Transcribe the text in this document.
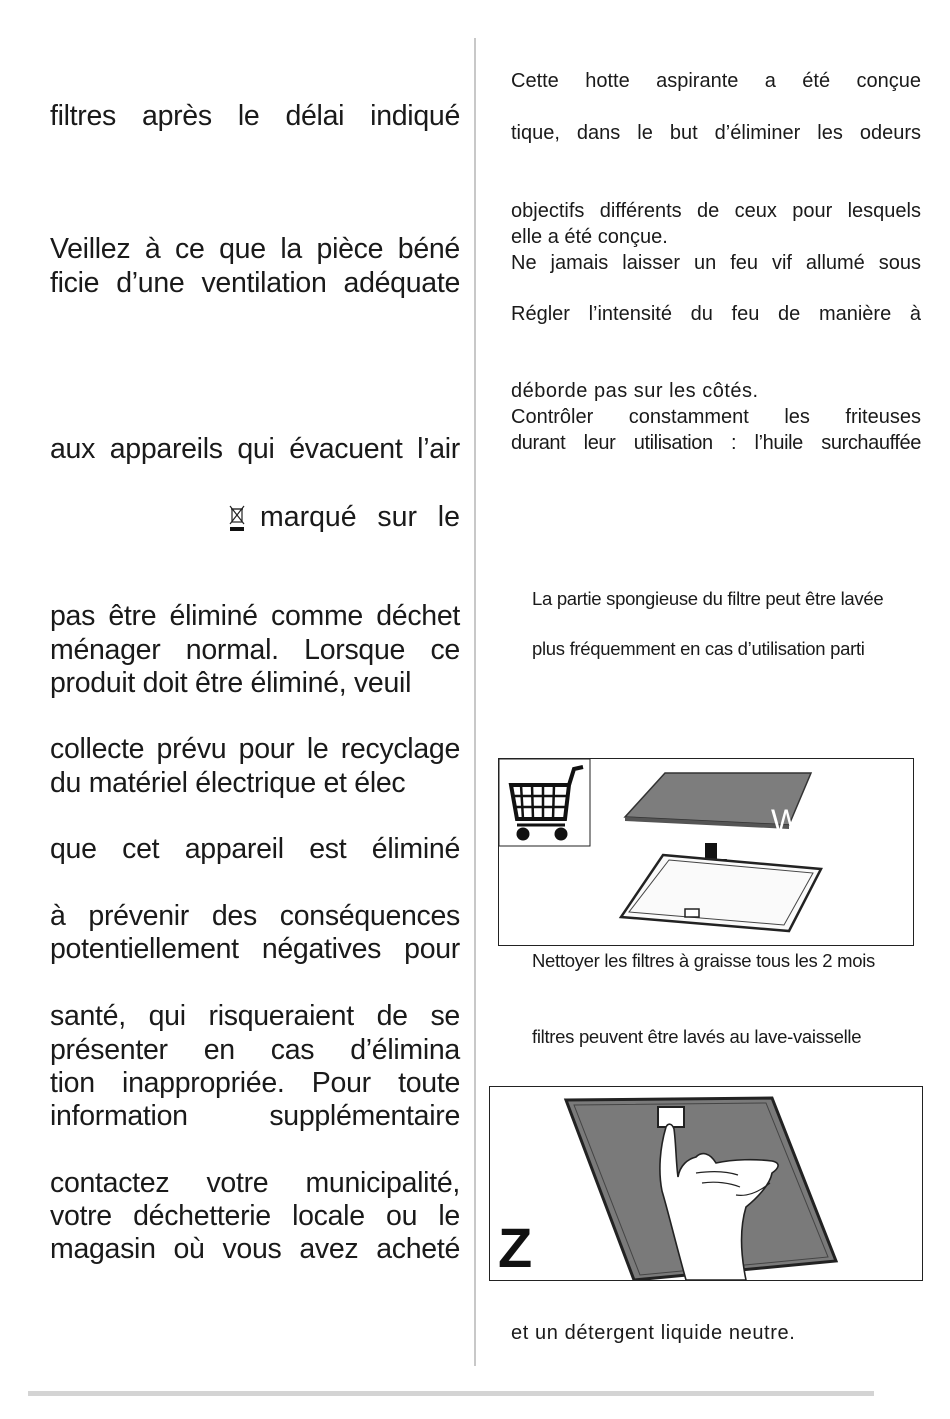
filtres après le délai indiqué
Veillez à ce que la pièce béné
ficie d’une ventilation adéquate
aux appareils qui évacuent l’air
marqué sur le
pas être éliminé comme déchet
ménager normal. Lorsque ce
produit doit être éliminé, veuil
collecte prévu pour le recyclage
du matériel électrique et élec
que cet appareil est éliminé
à prévenir des conséquences
potentiellement négatives pour
santé, qui risqueraient de se
présenter en cas d’élimina
tion inappropriée. Pour toute
information supplémentaire
contactez votre municipalité,
votre déchetterie locale ou le
magasin où vous avez acheté
Cette hotte aspirante a été conçue
tique, dans le but d’éliminer les odeurs
objectifs différents de ceux pour lesquels
elle a été conçue.
Ne jamais laisser un feu vif allumé sous
Régler l’intensité du feu de manière à
déborde pas sur les côtés.
Contrôler constamment les friteuses
durant leur utilisation : l’huile surchauffée
La partie spongieuse du filtre peut être lavée
plus fréquemment en cas d’utilisation parti
W
Nettoyer les filtres à graisse tous les 2 mois
filtres peuvent être lavés au lave-vaisselle
Z
et un détergent liquide neutre.
